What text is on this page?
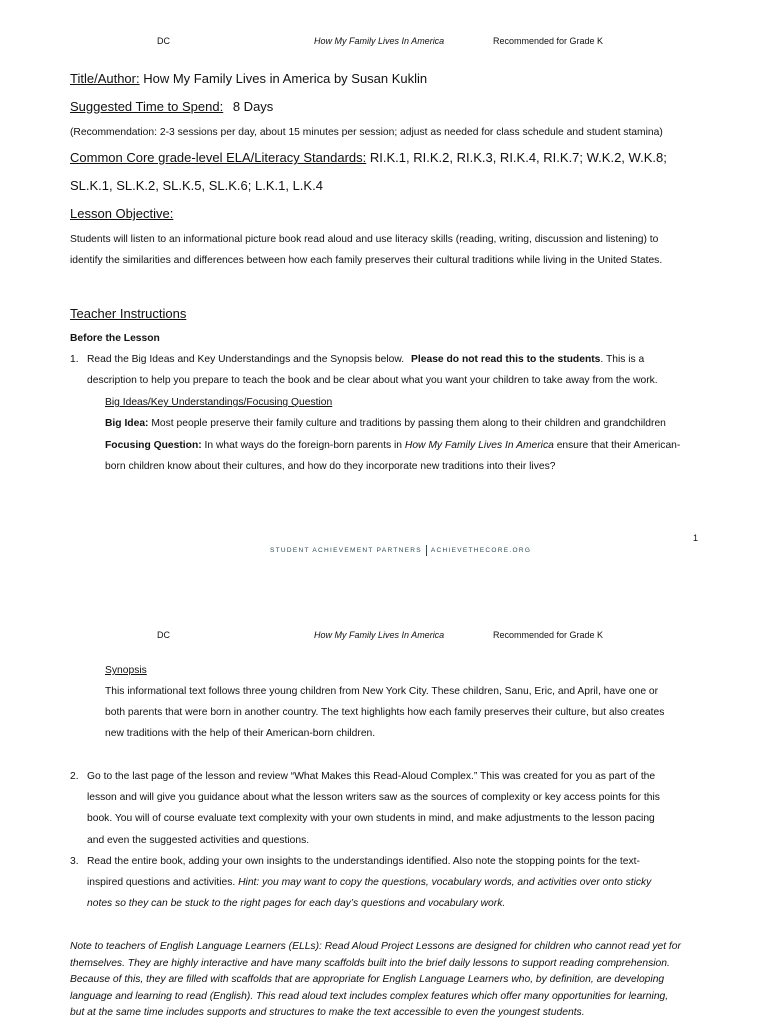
DC	How My Family Lives In America	Recommended for Grade K
Title/Author: How My Family Lives in America by Susan Kuklin
Suggested Time to Spend: 8 Days
(Recommendation: 2-3 sessions per day, about 15 minutes per session; adjust as needed for class schedule and student stamina)
Common Core grade-level ELA/Literacy Standards: RI.K.1, RI.K.2, RI.K.3, RI.K.4, RI.K.7; W.K.2, W.K.8;
SL.K.1, SL.K.2, SL.K.5, SL.K.6; L.K.1, L.K.4
Lesson Objective:
Students will listen to an informational picture book read aloud and use literacy skills (reading, writing, discussion and listening) to
identify the similarities and differences between how each family preserves their cultural traditions while living in the United States.
Teacher Instructions
Before the Lesson
1. Read the Big Ideas and Key Understandings and the Synopsis below. Please do not read this to the students. This is a
description to help you prepare to teach the book and be clear about what you want your children to take away from the work.
Big Ideas/Key Understandings/Focusing Question
Big Idea: Most people preserve their family culture and traditions by passing them along to their children and grandchildren
Focusing Question: In what ways do the foreign-born parents in How My Family Lives In America ensure that their American-
born children know about their cultures, and how do they incorporate new traditions into their lives?
1
STUDENT ACHIEVEMENT PARTNERS ACHIEVETHECORE.ORG
DC	How My Family Lives In America	Recommended for Grade K
Synopsis
This informational text follows three young children from New York City. These children, Sanu, Eric, and April, have one or
both parents that were born in another country. The text highlights how each family preserves their culture, but also creates
new traditions with the help of their American-born children.
2. Go to the last page of the lesson and review “What Makes this Read-Aloud Complex.” This was created for you as part of the
lesson and will give you guidance about what the lesson writers saw as the sources of complexity or key access points for this
book. You will of course evaluate text complexity with your own students in mind, and make adjustments to the lesson pacing
and even the suggested activities and questions.
3. Read the entire book, adding your own insights to the understandings identified. Also note the stopping points for the text-
inspired questions and activities. Hint: you may want to copy the questions, vocabulary words, and activities over onto sticky
notes so they can be stuck to the right pages for each day’s questions and vocabulary work.
Note to teachers of English Language Learners (ELLs): Read Aloud Project Lessons are designed for children who cannot read yet for
themselves. They are highly interactive and have many scaffolds built into the brief daily lessons to support reading comprehension.
Because of this, they are filled with scaffolds that are appropriate for English Language Learners who, by definition, are developing
language and learning to read (English). This read aloud text includes complex features which offer many opportunities for learning,
but at the same time includes supports and structures to make the text accessible to even the youngest students.
